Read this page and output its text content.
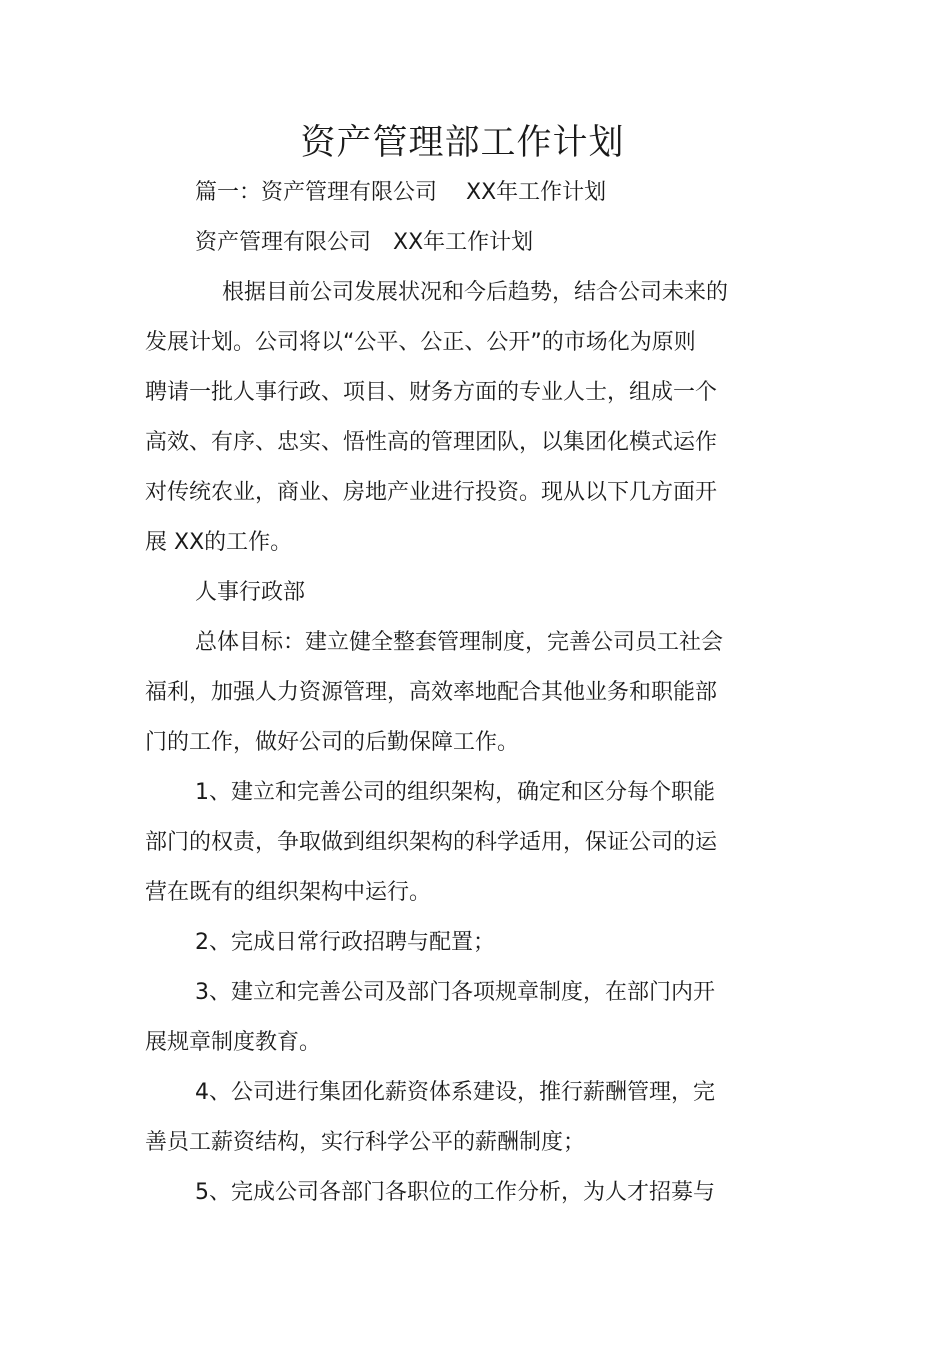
资产管理部工作计划
篇一：资产管理有限公司　 XX年工作计划
资产管理有限公司　XX年工作计划
根据目前公司发展状况和今后趋势，结合公司未来的
发展计划。公司将以“公平、公正、公开”的市场化为原则
聘请一批人事行政、项目、财务方面的专业人士，组成一个
高效、有序、忠实、悟性高的管理团队，以集团化模式运作
对传统农业，商业、房地产业进行投资。现从以下几方面开
展 XX的工作。
人事行政部
总体目标：建立健全整套管理制度，完善公司员工社会
福利，加强人力资源管理，高效率地配合其他业务和职能部
门的工作，做好公司的后勤保障工作。
1、建立和完善公司的组织架构，确定和区分每个职能
部门的权责，争取做到组织架构的科学适用，保证公司的运
营在既有的组织架构中运行。
2、完成日常行政招聘与配置；
3、建立和完善公司及部门各项规章制度，在部门内开
展规章制度教育。
4、公司进行集团化薪资体系建设，推行薪酬管理，完
善员工薪资结构，实行科学公平的薪酬制度；
5、完成公司各部门各职位的工作分析，为人才招募与
